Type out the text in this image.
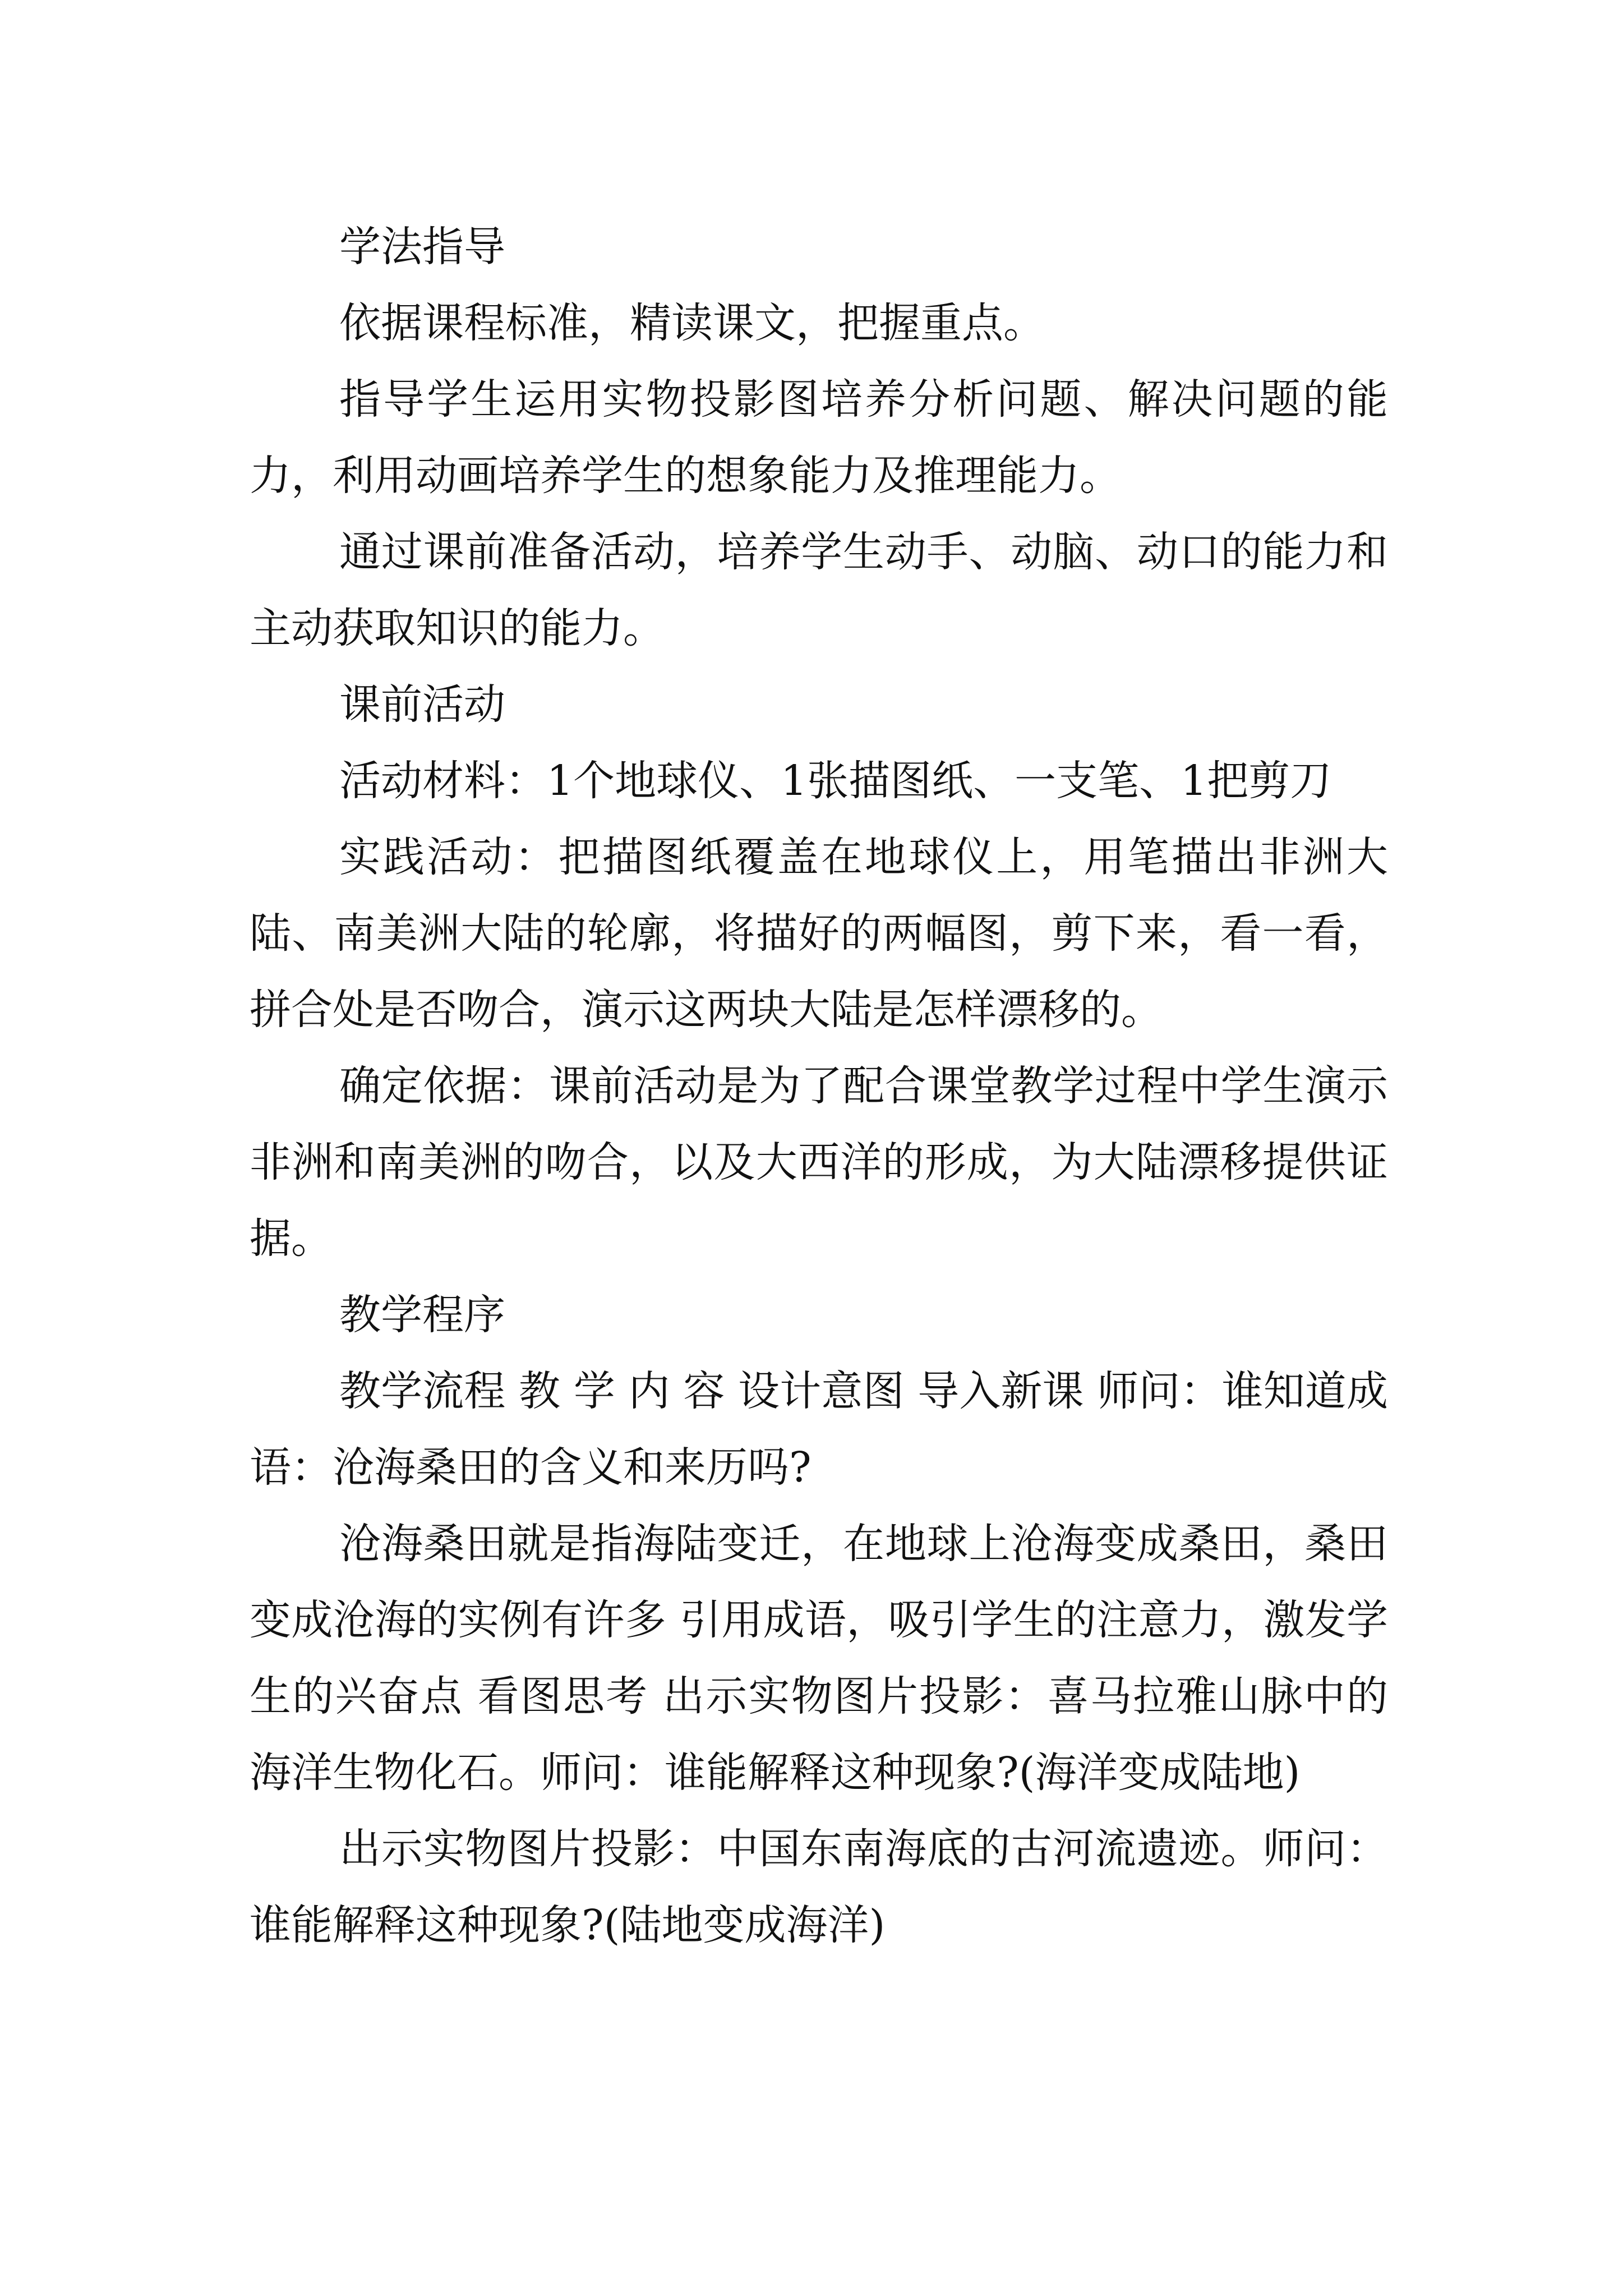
学法指导

依据课程标准，精读课文，把握重点。

指导学生运用实物投影图培养分析问题、解决问题的能力，利用动画培养学生的想象能力及推理能力。

通过课前准备活动，培养学生动手、动脑、动口的能力和主动获取知识的能力。

课前活动

活动材料：1个地球仪、1张描图纸、一支笔、1把剪刀

实践活动：把描图纸覆盖在地球仪上，用笔描出非洲大陆、南美洲大陆的轮廓，将描好的两幅图，剪下来，看一看，拼合处是否吻合，演示这两块大陆是怎样漂移的。

确定依据：课前活动是为了配合课堂教学过程中学生演示非洲和南美洲的吻合，以及大西洋的形成，为大陆漂移提供证据。

教学程序

教学流程 教 学 内 容 设计意图 导入新课 师问：谁知道成语：沧海桑田的含义和来历吗?

沧海桑田就是指海陆变迁，在地球上沧海变成桑田，桑田变成沧海的实例有许多 引用成语，吸引学生的注意力，激发学生的兴奋点 看图思考 出示实物图片投影：喜马拉雅山脉中的海洋生物化石。师问：谁能解释这种现象?(海洋变成陆地)

出示实物图片投影：中国东南海底的古河流遗迹。师问：谁能解释这种现象?(陆地变成海洋)
